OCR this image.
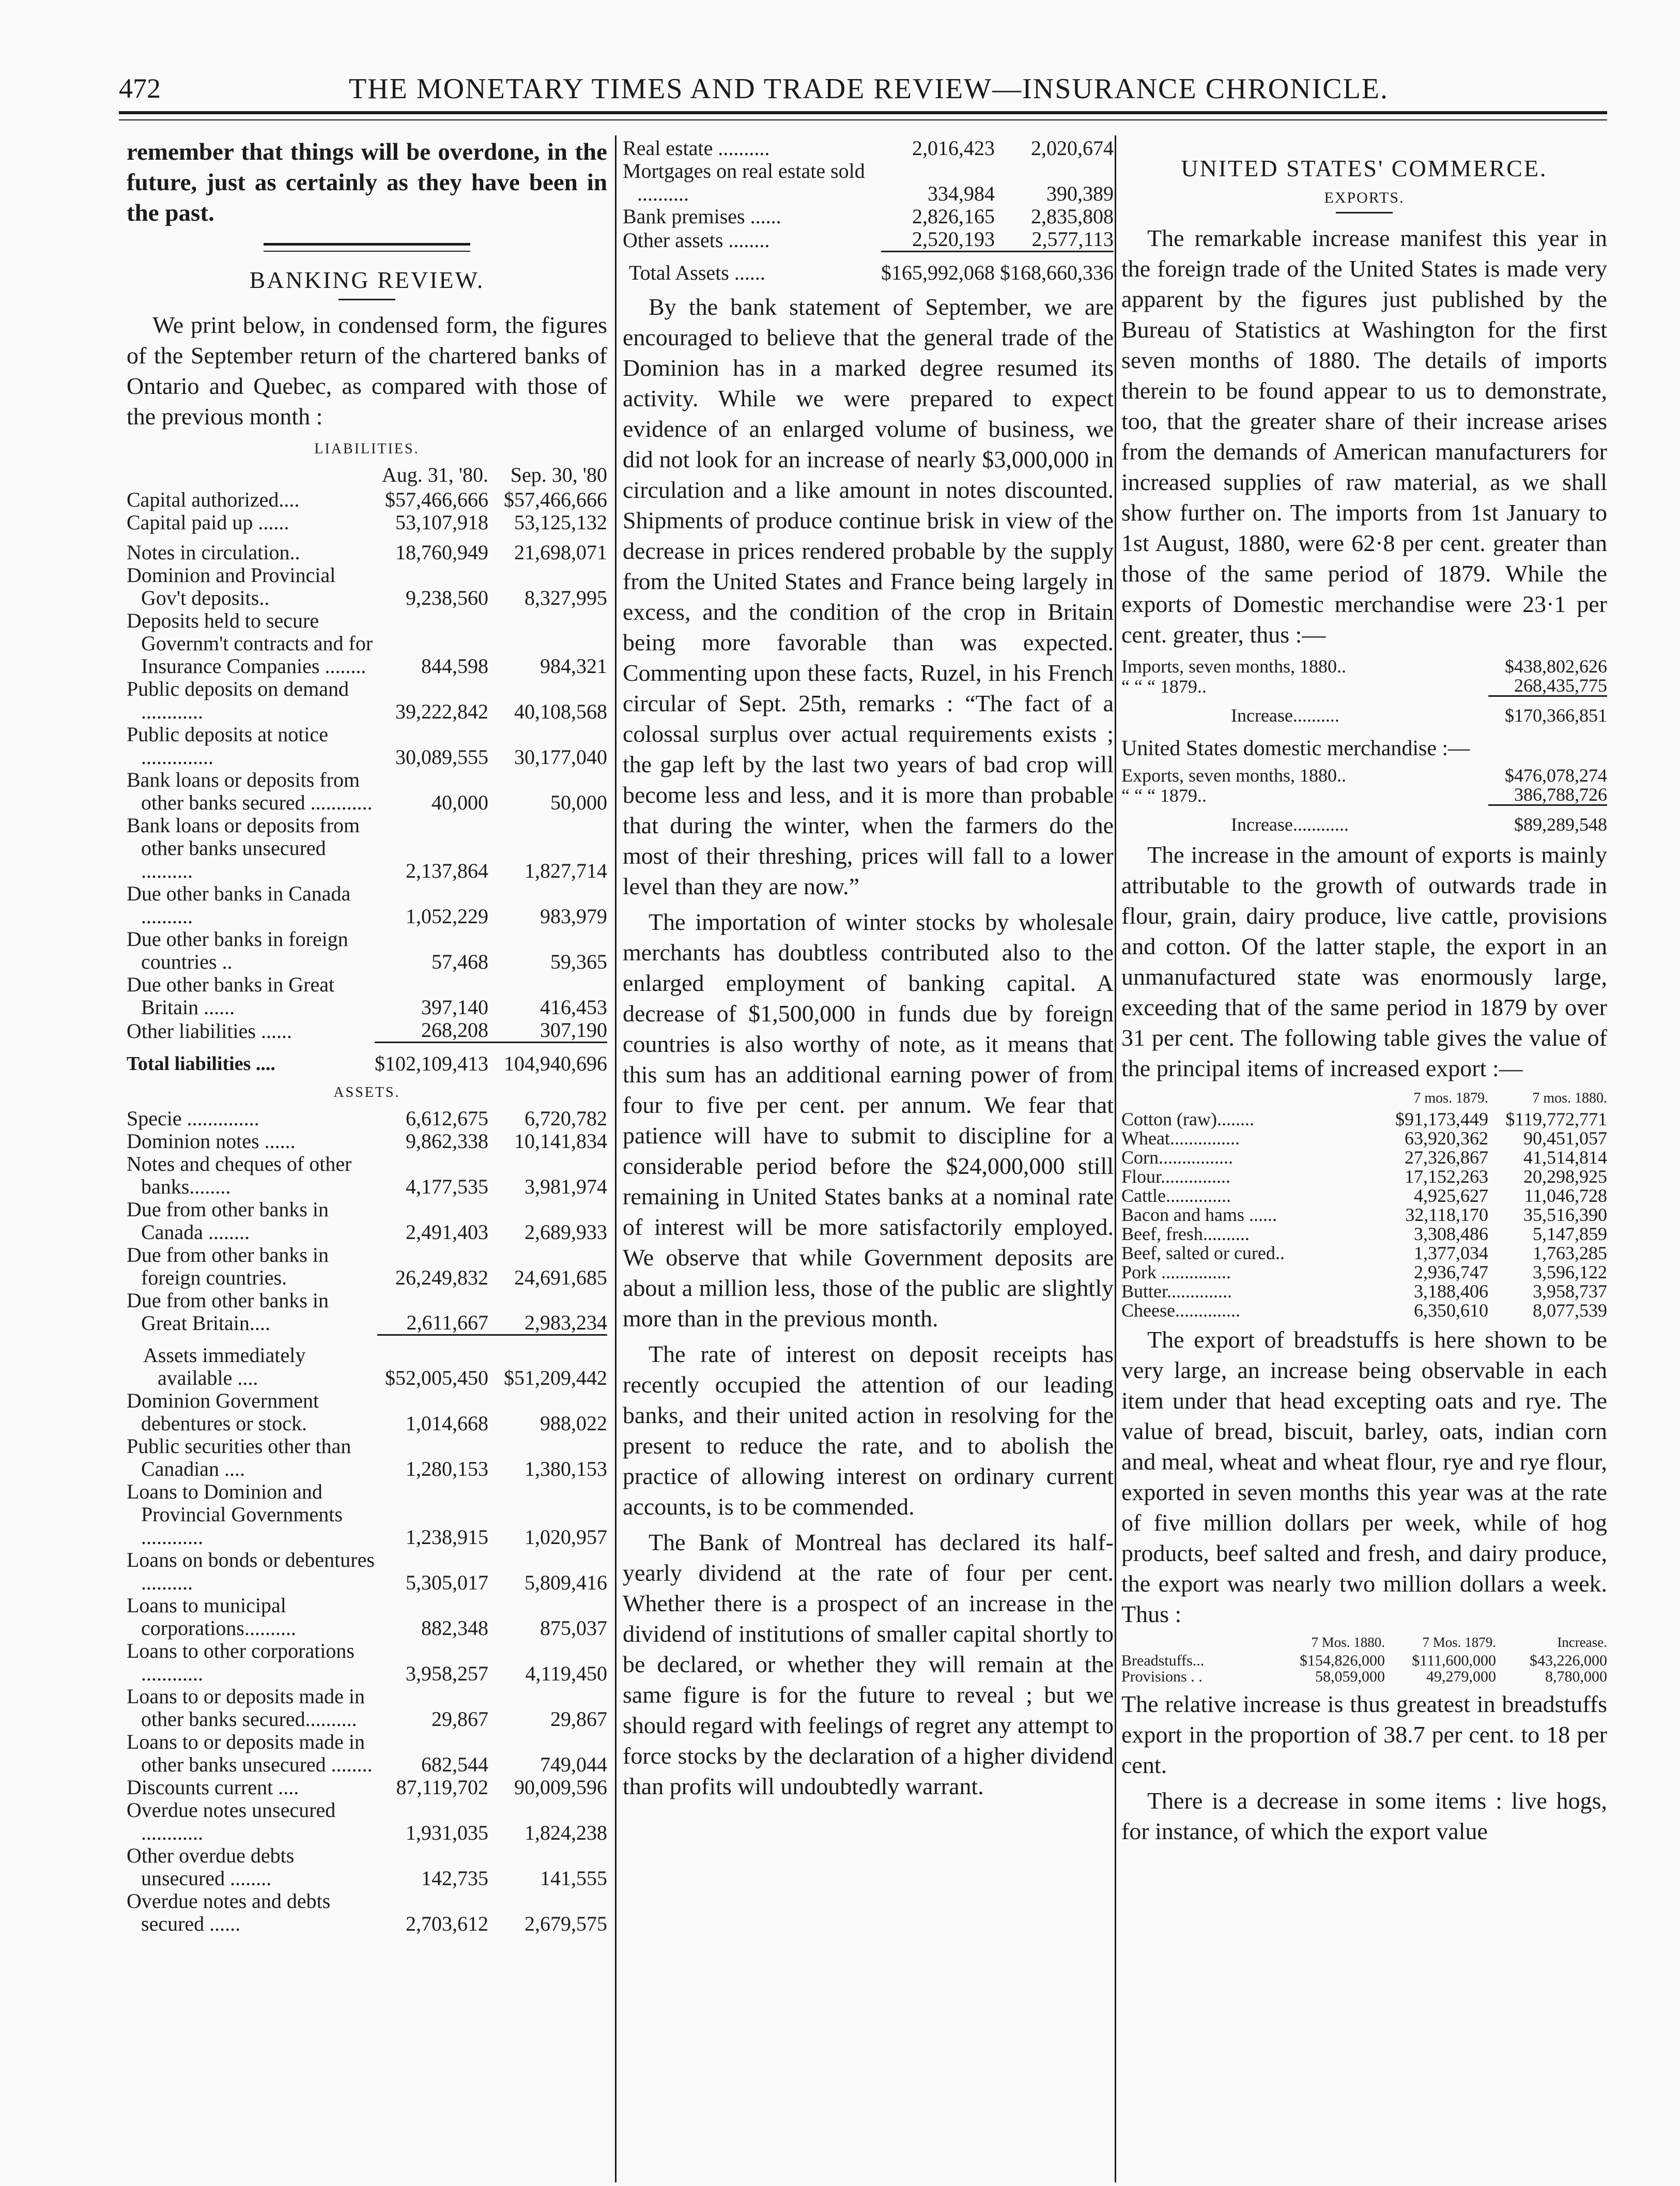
472	THE MONETARY TIMES AND TRADE REVIEW—INSURANCE CHRONICLE.

remember that things will be overdone, in the future, just as certainly as they have been in the past.

BANKING REVIEW.

We print below, in condensed form, the figures of the September return of the chartered banks of Ontario and Quebec, as compared with those of the previous month :

LIABILITIES.
	Aug. 31, '80.	Sep. 30, '80
Capital authorized....	$57,466,666	$57,466,666
Capital paid up ......	53,107,918	53,125,132
Notes in circulation..	18,760,949	21,698,071
Dominion and Provincial Gov't deposits..	9,238,560	8,327,995
Deposits held to secure Governm't contracts and for Insurance Companies ........	844,598	984,321
Public deposits on demand ............	39,222,842	40,108,568
Public deposits at notice ..............	30,089,555	30,177,040
Bank loans or deposits from other banks secured ............	40,000	50,000
Bank loans or deposits from other banks unsecured ..........	2,137,864	1,827,714
Due other banks in Canada ..........	1,052,229	983,979
Due other banks in foreign countries ..	57,468	59,365
Due other banks in Great Britain ......	397,140	416,453
Other liabilities ......	268,208	307,190
Total liabilities ....	$102,109,413	104,940,696
ASSETS.
Specie ..............	6,612,675	6,720,782
Dominion notes ......	9,862,338	10,141,834
Notes and cheques of other banks........	4,177,535	3,981,974
Due from other banks in Canada ........	2,491,403	2,689,933
Due from other banks in foreign countries.	26,249,832	24,691,685
Due from other banks in Great Britain....	2,611,667	2,983,234
Assets immediately available ....	$52,005,450	$51,209,442
Dominion Government debentures or stock.	1,014,668	988,022
Public securities other than Canadian ....	1,280,153	1,380,153
Loans to Dominion and Provincial Governments ............	1,238,915	1,020,957
Loans on bonds or debentures ..........	5,305,017	5,809,416
Loans to municipal corporations..........	882,348	875,037
Loans to other corporations ............	3,958,257	4,119,450
Loans to or deposits made in other banks secured..........	29,867	29,867
Loans to or deposits made in other banks unsecured ........	682,544	749,044
Discounts current ....	87,119,702	90,009,596
Overdue notes unsecured ............	1,931,035	1,824,238
Other overdue debts unsecured ........	142,735	141,555
Overdue notes and debts secured ......	2,703,612	2,679,575
Real estate ..........	2,016,423	2,020,674
Mortgages on real estate sold ..........	334,984	390,389
Bank premises ......	2,826,165	2,835,808
Other assets ........	2,520,193	2,577,113
Total Assets ......	$165,992,068	$168,660,336

By the bank statement of September, we are encouraged to believe that the general trade of the Dominion has in a marked degree resumed its activity. While we were prepared to expect evidence of an enlarged volume of business, we did not look for an increase of nearly $3,000,000 in circulation and a like amount in notes discounted. Shipments of produce continue brisk in view of the decrease in prices rendered probable by the supply from the United States and France being largely in excess, and the condition of the crop in Britain being more favorable than was expected. Commenting upon these facts, Ruzel, in his French circular of Sept. 25th, remarks : “The fact of a colossal surplus over actual requirements exists ; the gap left by the last two years of bad crop will become less and less, and it is more than probable that during the winter, when the farmers do the most of their threshing, prices will fall to a lower level than they are now.”

The importation of winter stocks by wholesale merchants has doubtless contributed also to the enlarged employment of banking capital. A decrease of $1,500,000 in funds due by foreign countries is also worthy of note, as it means that this sum has an additional earning power of from four to five per cent. per annum. We fear that patience will have to submit to discipline for a considerable period before the $24,000,000 still remaining in United States banks at a nominal rate of interest will be more satisfactorily employed. We observe that while Government deposits are about a million less, those of the public are slightly more than in the previous month.

The rate of interest on deposit receipts has recently occupied the attention of our leading banks, and their united action in resolving for the present to reduce the rate, and to abolish the practice of allowing interest on ordinary current accounts, is to be commended.

The Bank of Montreal has declared its half-yearly dividend at the rate of four per cent. Whether there is a prospect of an increase in the dividend of institutions of smaller capital shortly to be declared, or whether they will remain at the same figure is for the future to reveal ; but we should regard with feelings of regret any attempt to force stocks by the declaration of a higher dividend than profits will undoubtedly warrant.

UNITED STATES' COMMERCE.
EXPORTS.

The remarkable increase manifest this year in the foreign trade of the United States is made very apparent by the figures just published by the Bureau of Statistics at Washington for the first seven months of 1880. The details of imports therein to be found appear to us to demonstrate, too, that the greater share of their increase arises from the demands of American manufacturers for increased supplies of raw material, as we shall show further on. The imports from 1st January to 1st August, 1880, were 62·8 per cent. greater than those of the same period of 1879. While the exports of Domestic merchandise were 23·1 per cent. greater, thus :—

Imports, seven months, 1880..	$438,802,626
“ “ “ 1879..	268,435,775
Increase..........	$170,366,851

United States domestic merchandise :—

Exports, seven months, 1880..	$476,078,274
“ “ “ 1879..	386,788,726
Increase............	$89,289,548

The increase in the amount of exports is mainly attributable to the growth of outwards trade in flour, grain, dairy produce, live cattle, provisions and cotton. Of the latter staple, the export in an unmanufactured state was enormously large, exceeding that of the same period in 1879 by over 31 per cent. The following table gives the value of the principal items of increased export :—

	7 mos. 1879.	7 mos. 1880.
Cotton (raw)........	$91,173,449	$119,772,771
Wheat...............	63,920,362	90,451,057
Corn................	27,326,867	41,514,814
Flour...............	17,152,263	20,298,925
Cattle..............	4,925,627	11,046,728
Bacon and hams ......	32,118,170	35,516,390
Beef, fresh..........	3,308,486	5,147,859
Beef, salted or cured..	1,377,034	1,763,285
Pork ...............	2,936,747	3,596,122
Butter..............	3,188,406	3,958,737
Cheese..............	6,350,610	8,077,539

The export of breadstuffs is here shown to be very large, an increase being observable in each item under that head excepting oats and rye. The value of bread, biscuit, barley, oats, indian corn and meal, wheat and wheat flour, rye and rye flour, exported in seven months this year was at the rate of five million dollars per week, while of hog products, beef salted and fresh, and dairy produce, the export was nearly two million dollars a week. Thus :

	7 Mos. 1880.	7 Mos. 1879.	Increase.
Breadstuffs...	$154,826,000	$111,600,000	$43,226,000
Provisions . .	58,059,000	49,279,000	8,780,000

The relative increase is thus greatest in breadstuffs export in the proportion of 38.7 per cent. to 18 per cent.

There is a decrease in some items : live hogs, for instance, of which the export value
